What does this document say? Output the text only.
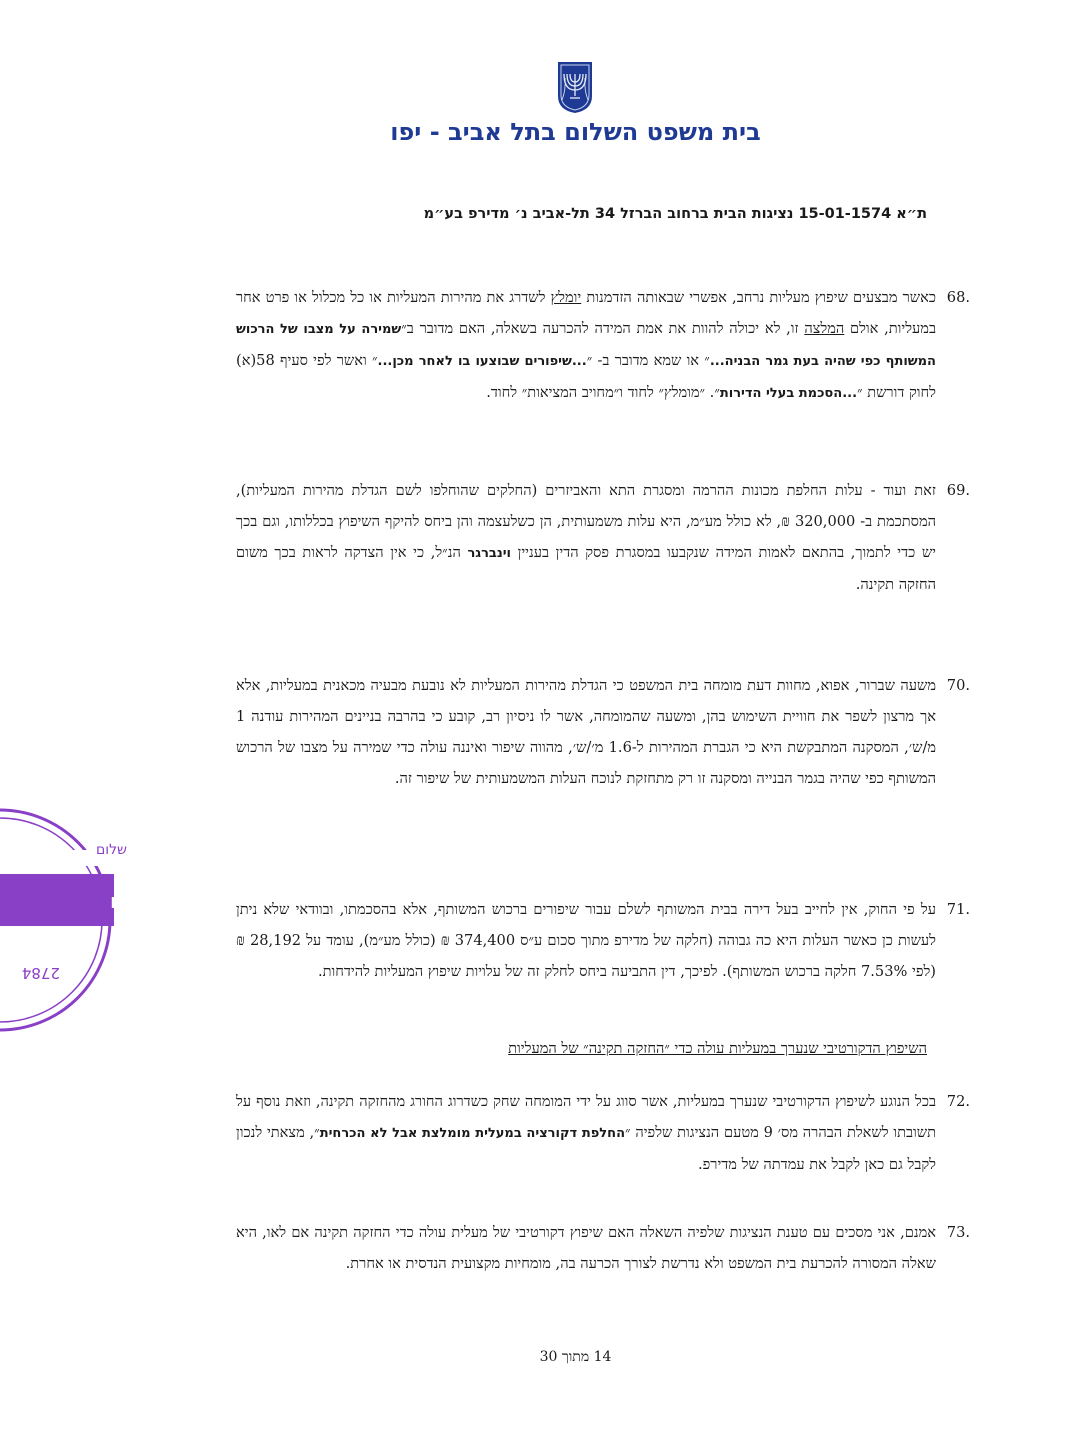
בית משפט השלום בתל אביב - יפו
ת״א 15-01-1574 נציגות הבית ברחוב הברזל 34 תל-אביב נ׳ מדירפ בע״מ
68.
כאשר מבצעים שיפוץ מעליות נרחב, אפשרי שבאותה הזדמנות יומלץ לשדרג את מהירות המעליות או כל מכלול או פרט אחר במעליות, אולם המלצה זו, לא יכולה להוות את אמת המידה להכרעה בשאלה, האם מדובר ב״שמירה על מצבו של הרכוש המשותף כפי שהיה בעת גמר הבניה...״ או שמא מדובר ב- ״...שיפורים שבוצעו בו לאחר מכן...״ ואשר לפי סעיף 58(א) לחוק דורשת ״...הסכמת בעלי הדירות״. ״מומלץ״ לחוד ו״מחויב המציאות״ לחוד.
69.
זאת ועוד - עלות החלפת מכונות ההרמה ומסגרת התא והאביזרים (החלקים שהוחלפו לשם הגדלת מהירות המעליות), המסתכמת ב- 320,000 ₪, לא כולל מע״מ, היא עלות משמעותית, הן כשלעצמה והן ביחס להיקף השיפוץ בכללותו, וגם בכך יש כדי לתמוך, בהתאם לאמות המידה שנקבעו במסגרת פסק הדין בעניין וינברגר הנ״ל, כי אין הצדקה לראות בכך משום החזקה תקינה.
70.
משעה שברור, אפוא, מחוות דעת מומחה בית המשפט כי הגדלת מהירות המעליות לא נובעת מבעיה מכאנית במעליות, אלא אך מרצון לשפר את חוויית השימוש בהן, ומשעה שהמומחה, אשר לו ניסיון רב, קובע כי בהרבה בניינים המהירות עודנה 1 מ/ש׳, המסקנה המתבקשת היא כי הגברת המהירות ל-1.6 מ׳/ש׳, מהווה שיפור ואיננה עולה כדי שמירה על מצבו של הרכוש המשותף כפי שהיה בגמר הבנייה ומסקנה זו רק מתחזקת לנוכח העלות המשמעותית של שיפור זה.
71.
על פי החוק, אין לחייב בעל דירה בבית המשותף לשלם עבור שיפורים ברכוש המשותף, אלא בהסכמתו, ובוודאי שלא ניתן לעשות כן כאשר העלות היא כה גבוהה (חלקה של מדירפ מתוך סכום ע״ס 374,400 ₪ (כולל מע״מ), עומד על 28,192 ₪ (לפי 7.53% חלקה ברכוש המשותף). לפיכך, דין התביעה ביחס לחלק זה של עלויות שיפוץ המעליות להידחות.
השיפוץ הדקורטיבי שנערך במעליות עולה כדי ״החזקה תקינה״ של המעליות
72.
בכל הנוגע לשיפוץ הדקורטיבי שנערך במעליות, אשר סווג על ידי המומחה שחק כשדרוג החורג מהחזקה תקינה, וזאת נוסף על תשובתו לשאלת הבהרה מס׳ 9 מטעם הנציגות שלפיה ״החלפת דקורציה במעלית מומלצת אבל לא הכרחית״, מצאתי לנכון לקבל גם כאן לקבל את עמדתה של מדירפ.
73.
אמנם, אני מסכים עם טענת הנציגות שלפיה השאלה האם שיפוץ דקורטיבי של מעלית עולה כדי החזקה תקינה אם לאו, היא שאלה המסורה להכרעת בית המשפט ולא נדרשת לצורך הכרעה בה, מומחיות מקצועית הנדסית או אחרת.
14 מתוך 30
שלום
אמן ו
2784
